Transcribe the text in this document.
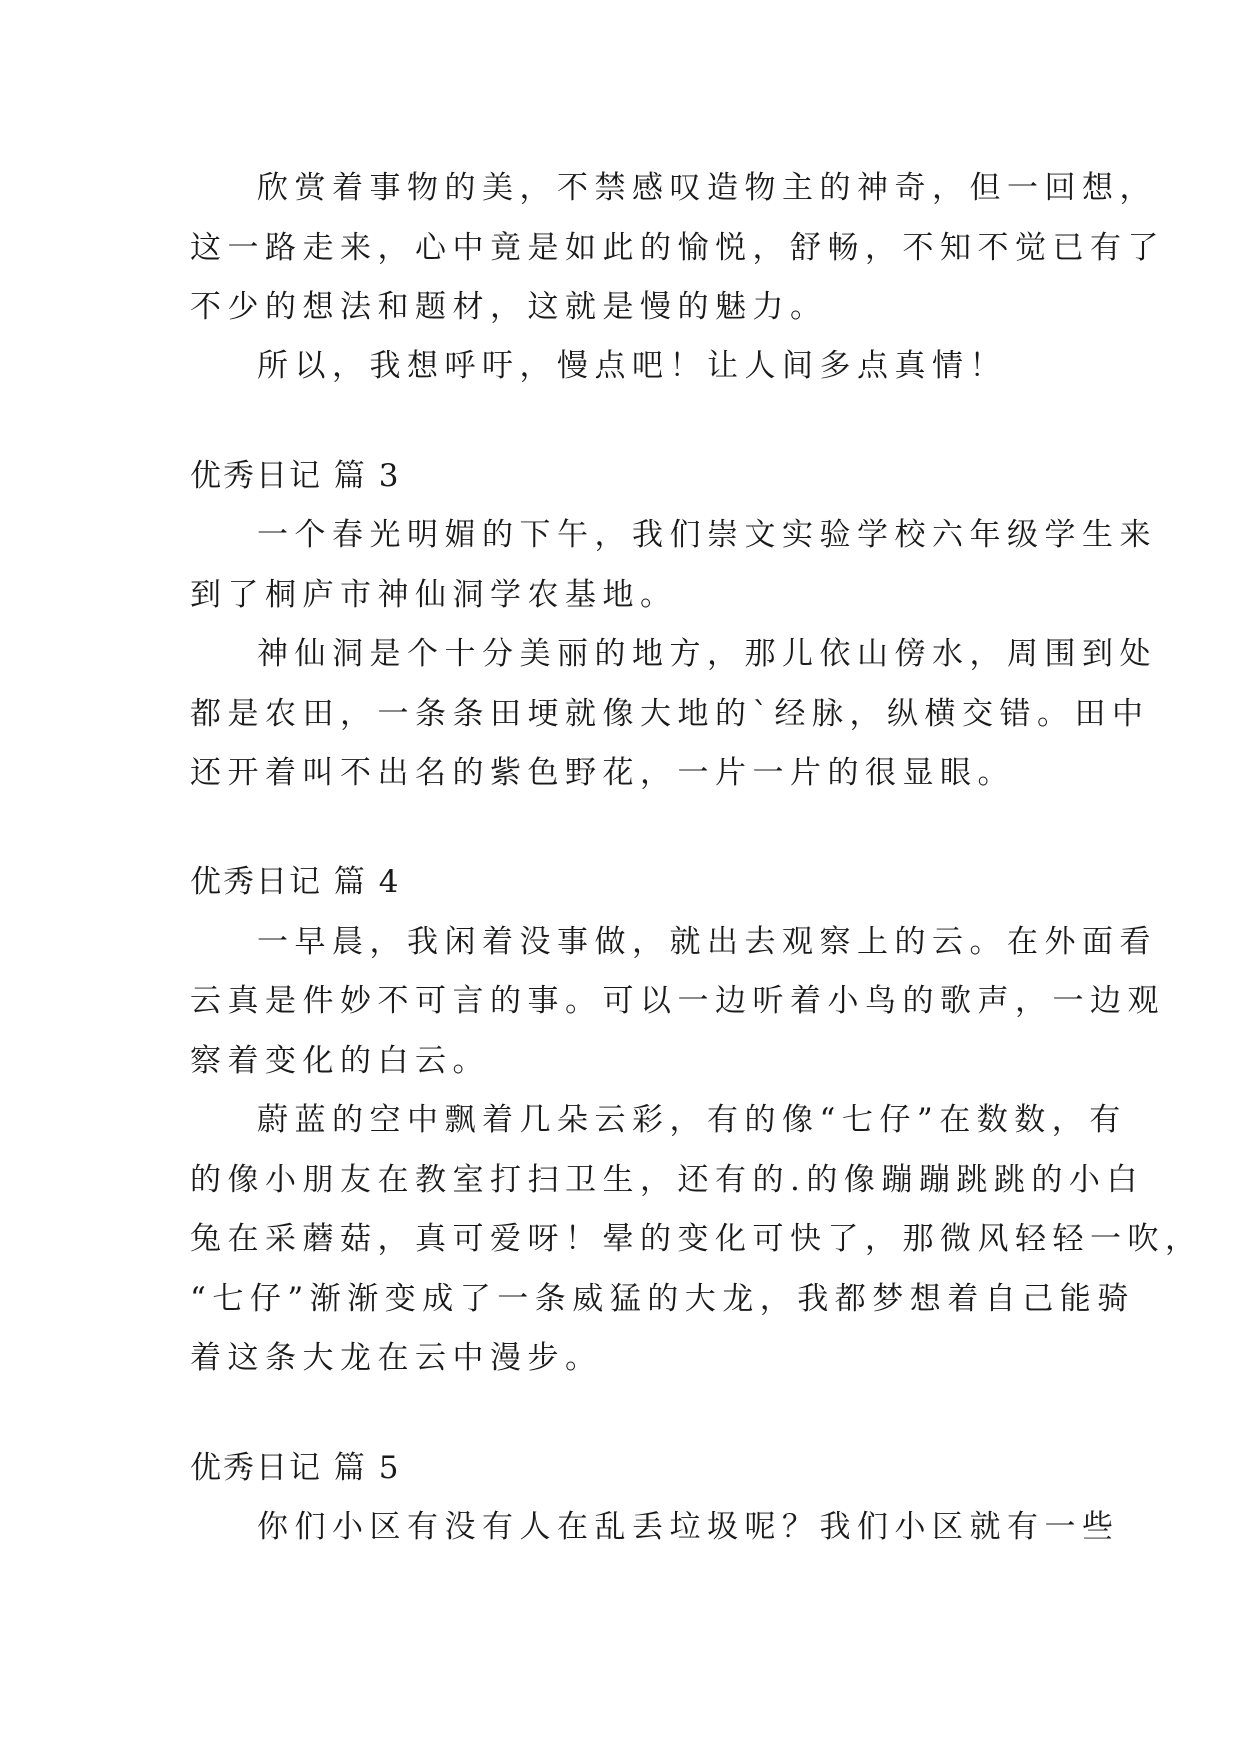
欣赏着事物的美，不禁感叹造物主的神奇，但一回想，
这一路走来，心中竟是如此的愉悦，舒畅，不知不觉已有了
不少的想法和题材，这就是慢的魅力。
所以，我想呼吁，慢点吧！让人间多点真情！
优秀日记 篇 3
一个春光明媚的下午，我们崇文实验学校六年级学生来
到了桐庐市神仙洞学农基地。
神仙洞是个十分美丽的地方，那儿依山傍水，周围到处
都是农田，一条条田埂就像大地的`经脉，纵横交错。田中
还开着叫不出名的紫色野花，一片一片的很显眼。
优秀日记 篇 4
一早晨，我闲着没事做，就出去观察上的云。在外面看
云真是件妙不可言的事。可以一边听着小鸟的歌声，一边观
察着变化的白云。
蔚蓝的空中飘着几朵云彩，有的像“七仔”在数数，有
的像小朋友在教室打扫卫生，还有的.的像蹦蹦跳跳的小白
兔在采蘑菇，真可爱呀！晕的变化可快了，那微风轻轻一吹，
“七仔”渐渐变成了一条威猛的大龙，我都梦想着自己能骑
着这条大龙在云中漫步。
优秀日记 篇 5
你们小区有没有人在乱丢垃圾呢？我们小区就有一些
